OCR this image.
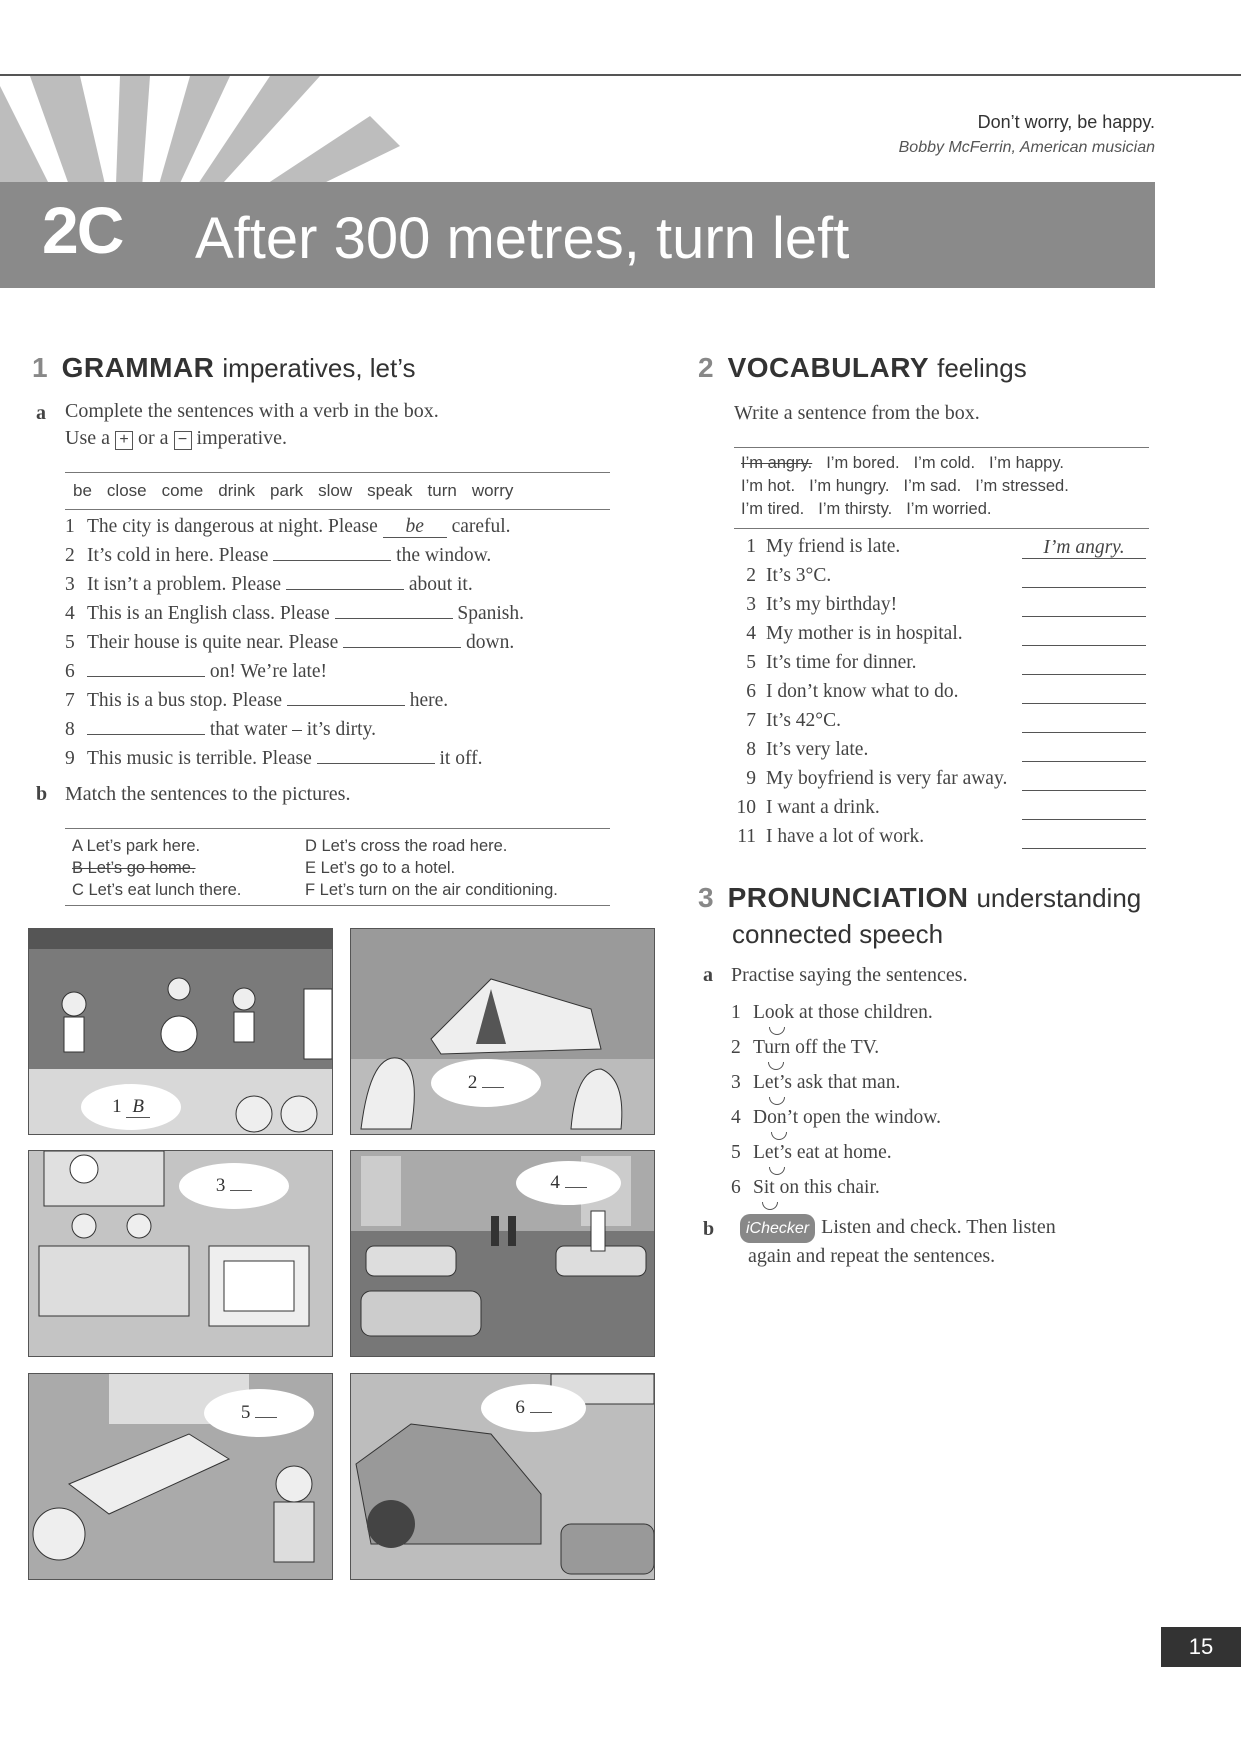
Don’t worry, be happy.
Bobby McFerrin, American musician
2C After 300 metres, turn left
1 GRAMMAR imperatives, let’s
a Complete the sentences with a verb in the box.
Use a + or a − imperative.
be close come drink park slow speak turn worry
1 The city is dangerous at night. Please be careful.
2 It’s cold in here. Please	the window.
3 It isn’t a problem. Please	about it.
4 This is an English class. Please	Spanish.
5 Their house is quite near. Please	down.
6	on! We’re late!
7 This is a bus stop. Please	here.
8	that water – it’s dirty.
9 This music is terrible. Please	it off.
b Match the sentences to the pictures.
A Let’s park here.
B Let’s go home.
C Let’s eat lunch there.
D Let’s cross the road here.
E Let’s go to a hotel.
F Let’s turn on the air conditioning.
1 B
2
3	4
5	6
2 VOCABULARY feelings
Write a sentence from the box.
I’m angry. I’m bored. I’m cold. I’m happy.
I’m hot. I’m hungry. I’m sad. I’m stressed.
I’m tired. I’m thirsty. I’m worried.
1 My friend is late.	I’m angry.
2 It’s 3°C.
3 It’s my birthday!
4 My mother is in hospital.
5 It’s time for dinner.
6 I don’t know what to do.
7 It’s 42°C.
8 It’s very late.
9 My boyfriend is very far away.
10 I want a drink.
11 I have a lot of work.
3 PRONUNCIATION understanding
connected speech
a Practise saying the sentences.
1 Look at those children.
2 Turn off the TV.
3 Let’s ask that man.
4 Don’t open the window.
5 Let’s eat at home.
6 Sit on this chair.
b	iChecker Listen and check. Then listen
again and repeat the sentences.
15
